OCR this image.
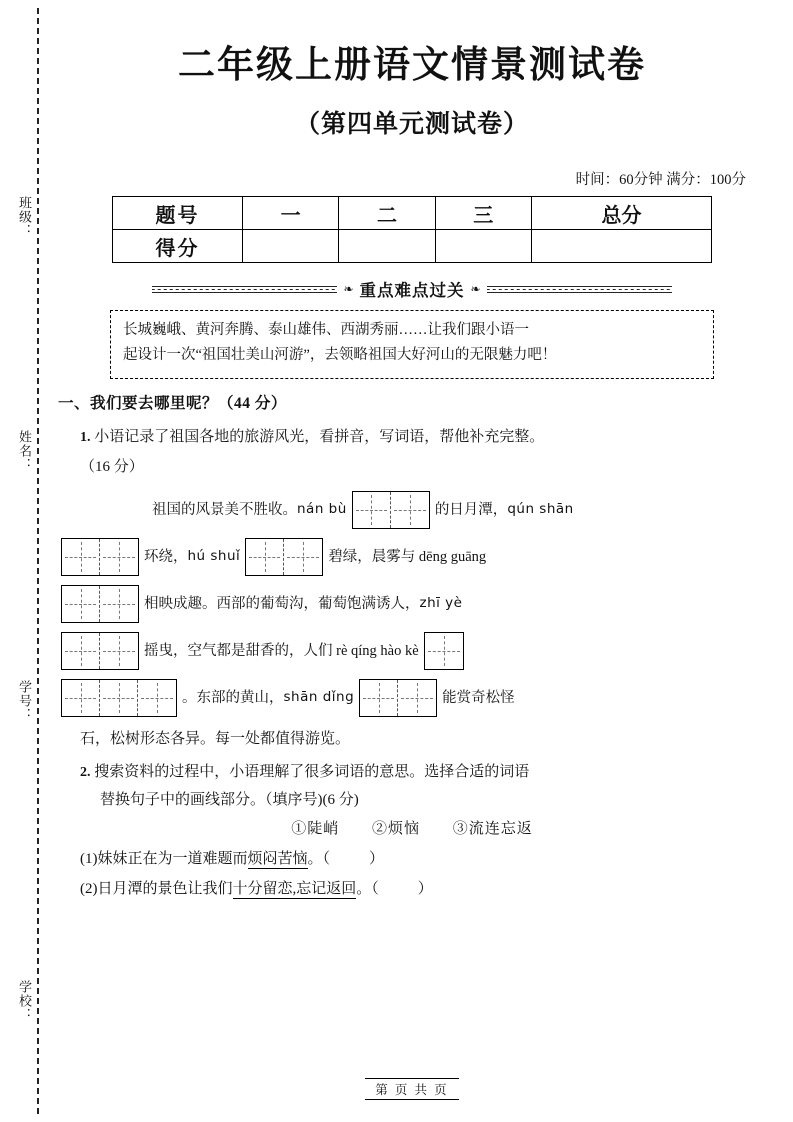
班级：
姓名：
学号：
学校：
二年级上册语文情景测试卷
（第四单元测试卷）
时间：60分钟 满分：100分
题号	一	二	三	总分
得分				
❧ 重点难点过关 ❧
长城巍峨、黄河奔腾、泰山雄伟、西湖秀丽……让我们跟小语一
起设计一次“祖国壮美山河游”，去领略祖国大好河山的无限魅力吧！
一、我们要去哪里呢？（44 分）
1. 小语记录了祖国各地的旅游风光，看拼音，写词语，帮他补充完整。
（16 分）
祖国的风景美不胜收。 nán bù	的日月潭， qún shān
环绕， hú shuǐ	碧绿，晨雾与 dēng guāng
相映成趣。西部的葡萄沟，葡萄饱满诱人， zhī yè
摇曳，空气都是甜香的，人们 rè qíng hào kè
。东部的黄山， shān dǐng	能赏奇松怪
石，松树形态各异。每一处都值得游览。
2. 搜索资料的过程中，小语理解了很多词语的意思。选择合适的词语
替换句子中的画线部分。（填序号)(6 分)
①陡峭 ②烦恼 ③流连忘返
(1)妹妹正在为一道难题而烦闷苦恼。（	）
(2)日月潭的景色让我们十分留恋,忘记返回。（	）
第 页 共 页
